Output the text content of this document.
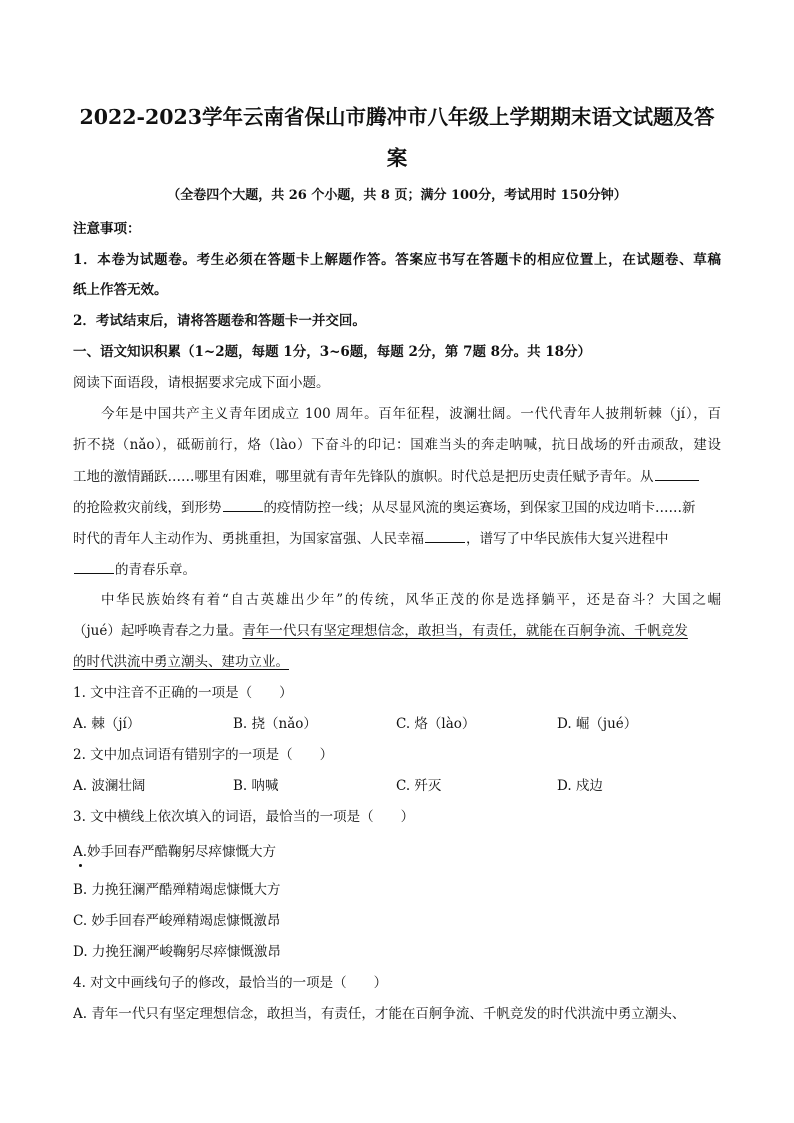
2022-2023学年云南省保山市腾冲市八年级上学期期末语文试题及答
案
（全卷四个大题，共 26 个小题，共 8 页；满分 100分，考试用时 150分钟）
注意事项：
1．本卷为试题卷。考生必须在答题卡上解题作答。答案应书写在答题卡的相应位置上，在试题卷、草稿
纸上作答无效。
2．考试结束后，请将答题卷和答题卡一并交回。
一、语文知识积累（1~2题，每题 1分，3~6题，每题 2分，第 7题 8分。共 18分）
阅读下面语段，请根据要求完成下面小题。
今年是中国共产主义青年团成立 100 周年。百年征程，波澜壮阔。一代代青年人披荆斩棘（jí），百
折不挠（nǎo），砥砺前行，烙（lào）下奋斗的印记：国难当头的奔走呐喊，抗日战场的歼击顽敌，建设
工地的激情踊跃……哪里有困难，哪里就有青年先锋队的旗帜。时代总是把历史责任赋予青年。从
的抢险救灾前线，到形势	的疫情防控一线；从尽显风流的奥运赛场，到保家卫国的戍边哨卡……新
时代的青年人主动作为、勇挑重担，为国家富强、人民幸福	，谱写了中华民族伟大复兴进程中
的青春乐章。
中华民族始终有着“自古英雄出少年”的传统，风华正茂的你是选择躺平，还是奋斗？大国之崛
（jué）起呼唤青春之力量。青年一代只有坚定理想信念，敢担当，有责任，就能在百舸争流、千帆竞发
的时代洪流中勇立潮头、建功立业。
1. 文中注音不正确的一项是（　　）
A. 棘（jí）	B. 挠（nǎo）	C. 烙（lào）	D. 崛（jué）
2. 文中加点词语有错别字的一项是（　　）
A. 波澜壮阔	B. 呐喊	C. 歼灭	D. 戍边
3. 文中横线上依次填入的词语，最恰当的一项是（　　）
A.妙手回春严酷鞠躬尽瘁慷慨大方
B. 力挽狂澜严酷殚精竭虑慷慨大方
C. 妙手回春严峻殚精竭虑慷慨激昂
D. 力挽狂澜严峻鞠躬尽瘁慷慨激昂
4. 对文中画线句子的修改，最恰当的一项是（　　）
A. 青年一代只有坚定理想信念，敢担当，有责任，才能在百舸争流、千帆竞发的时代洪流中勇立潮头、
